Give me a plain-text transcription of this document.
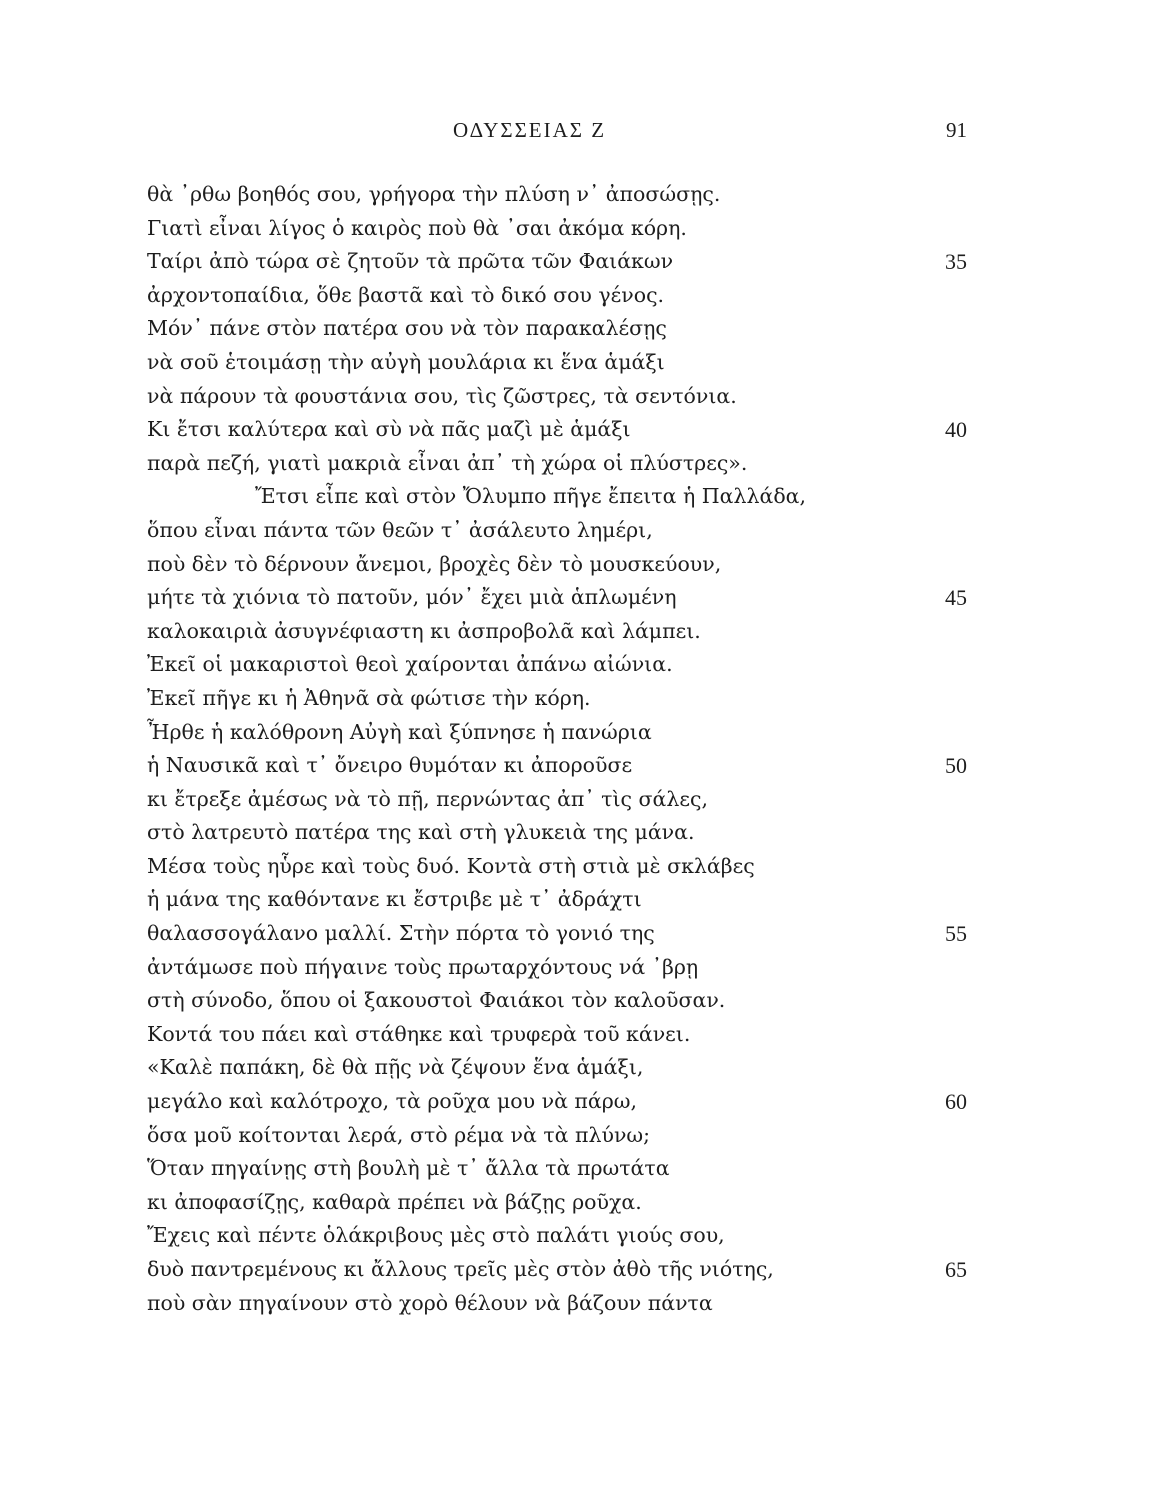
ΟΔΥΣΣΕΙΑΣ Ζ	91
θὰ ᾽ρθω βοηθός σου, γρήγορα τὴν πλύση ν᾽ ἀποσώσῃς.
Γιατὶ εἶναι λίγος ὁ καιρὸς ποὺ θὰ ᾽σαι ἀκόμα κόρη.
Ταίρι ἀπὸ τώρα σὲ ζητοῦν τὰ πρῶτα τῶν Φαιάκων	35
ἀρχοντοπαίδια, ὅθε βαστᾶ καὶ τὸ δικό σου γένος.
Μόν᾽ πάνε στὸν πατέρα σου νὰ τὸν παρακαλέσῃς
νὰ σοῦ ἑτοιμάσῃ τὴν αὐγὴ μουλάρια κι ἕνα ἁμάξι
νὰ πάρουν τὰ φουστάνια σου, τὶς ζῶστρες, τὰ σεντόνια.
Κι ἔτσι καλύτερα καὶ σὺ νὰ πᾶς μαζὶ μὲ ἁμάξι	40
παρὰ πεζή, γιατὶ μακριὰ εἶναι ἀπ᾽ τὴ χώρα οἱ πλύστρες».
Ἔτσι εἶπε καὶ στὸν Ὄλυμπο πῆγε ἔπειτα ἡ Παλλάδα,
ὅπου εἶναι πάντα τῶν θεῶν τ᾽ ἀσάλευτο λημέρι,
ποὺ δὲν τὸ δέρνουν ἄνεμοι, βροχὲς δὲν τὸ μουσκεύουν,
μήτε τὰ χιόνια τὸ πατοῦν, μόν᾽ ἔχει μιὰ ἁπλωμένη	45
καλοκαιριὰ ἀσυγνέφιαστη κι ἀσπροβολᾶ καὶ λάμπει.
Ἐκεῖ οἱ μακαριστοὶ θεοὶ χαίρονται ἀπάνω αἰώνια.
Ἐκεῖ πῆγε κι ἡ Ἀθηνᾶ σὰ φώτισε τὴν κόρη.
Ἦρθε ἡ καλόθρονη Αὐγὴ καὶ ξύπνησε ἡ πανώρια
ἡ Ναυσικᾶ καὶ τ᾽ ὄνειρο θυμόταν κι ἀποροῦσε	50
κι ἔτρεξε ἀμέσως νὰ τὸ πῇ, περνώντας ἀπ᾽ τὶς σάλες,
στὸ λατρευτὸ πατέρα της καὶ στὴ γλυκειὰ της μάνα.
Μέσα τοὺς ηὗρε καὶ τοὺς δυό. Κοντὰ στὴ στιὰ μὲ σκλάβες
ἡ μάνα της καθόντανε κι ἔστριβε μὲ τ᾽ ἀδράχτι
θαλασσογάλανο μαλλί. Στὴν πόρτα τὸ γονιό της	55
ἀντάμωσε ποὺ πήγαινε τοὺς πρωταρχόντους νά ᾽βρῃ
στὴ σύνοδο, ὅπου οἱ ξακουστοὶ Φαιάκοι τὸν καλοῦσαν.
Κοντά του πάει καὶ στάθηκε καὶ τρυφερὰ τοῦ κάνει.
«Καλὲ παπάκη, δὲ θὰ πῇς νὰ ζέψουν ἕνα ἁμάξι,
μεγάλο καὶ καλότροχο, τὰ ροῦχα μου νὰ πάρω,	60
ὅσα μοῦ κοίτονται λερά, στὸ ρέμα νὰ τὰ πλύνω;
Ὅταν πηγαίνῃς στὴ βουλὴ μὲ τ᾽ ἄλλα τὰ πρωτάτα
κι ἀποφασίζῃς, καθαρὰ πρέπει νὰ βάζῃς ροῦχα.
Ἔχεις καὶ πέντε ὁλάκριβους μὲς στὸ παλάτι γιούς σου,
δυὸ παντρεμένους κι ἄλλους τρεῖς μὲς στὸν ἀθὸ τῆς νιότης,	65
ποὺ σὰν πηγαίνουν στὸ χορὸ θέλουν νὰ βάζουν πάντα
